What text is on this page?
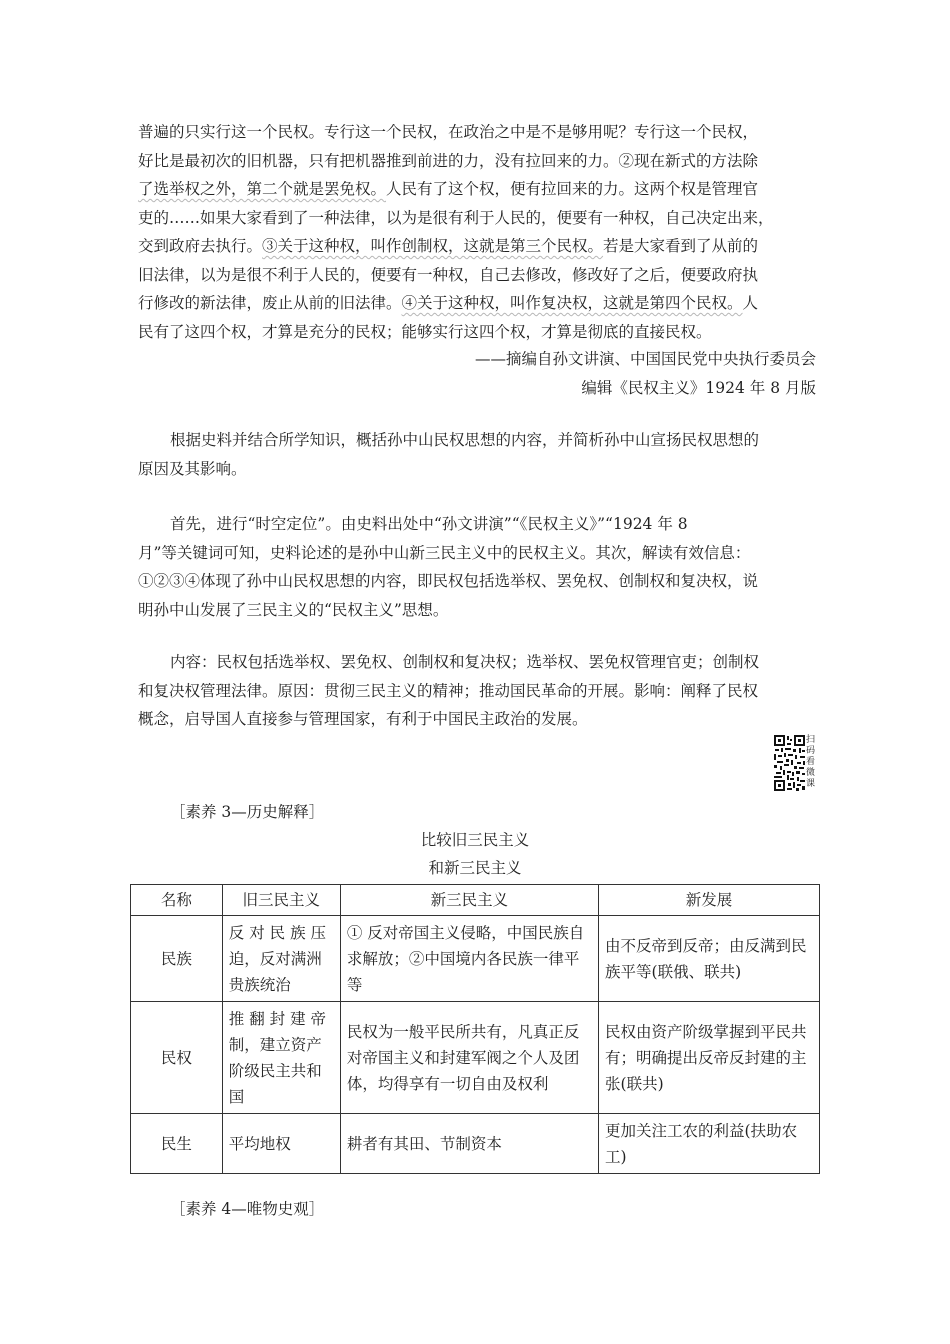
普遍的只实行这一个民权。专行这一个民权，在政治之中是不是够用呢？专行这一个民权，
好比是最初次的旧机器，只有把机器推到前进的力，没有拉回来的力。②现在新式的方法除
了选举权之外，第二个就是罢免权。人民有了这个权，便有拉回来的力。这两个权是管理官
吏的……如果大家看到了一种法律，以为是很有利于人民的，便要有一种权，自己决定出来，
交到政府去执行。③关于这种权，叫作创制权，这就是第三个民权。若是大家看到了从前的
旧法律，以为是很不利于人民的，便要有一种权，自己去修改，修改好了之后，便要政府执
行修改的新法律，废止从前的旧法律。④关于这种权，叫作复决权，这就是第四个民权。人
民有了这四个权，才算是充分的民权；能够实行这四个权，才算是彻底的直接民权。
——摘编自孙文讲演、中国国民党中央执行委员会
编辑《民权主义》1924 年 8 月版
根据史料并结合所学知识，概括孙中山民权思想的内容，并简析孙中山宣扬民权思想的
原因及其影响。
首先，进行“时空定位”。由史料出处中“孙文讲演”“《民权主义》”“1924 年 8
月”等关键词可知，史料论述的是孙中山新三民主义中的民权主义。其次，解读有效信息：
①②③④体现了孙中山民权思想的内容，即民权包括选举权、罢免权、创制权和复决权，说
明孙中山发展了三民主义的“民权主义”思想。
内容：民权包括选举权、罢免权、创制权和复决权；选举权、罢免权管理官吏；创制权
和复决权管理法律。原因：贯彻三民主义的精神；推动国民革命的开展。影响：阐释了民权
概念，启导国人直接参与管理国家，有利于中国民主政治的发展。
扫
码
看
微
课
［素养 3—历史解释］
比较旧三民主义
和新三民主义
名称	旧三民主义	新三民主义	新发展
民族	反 对 民 族 压迫，反对满洲贵族统治	① 反对帝国主义侵略，中国民族自求解放；②中国境内各民族一律平等	由不反帝到反帝；由反满到民族平等(联俄、联共)
民权	推 翻 封 建 帝制，建立资产阶级民主共和国	民权为一般平民所共有，凡真正反对帝国主义和封建军阀之个人及团体，均得享有一切自由及权利	民权由资产阶级掌握到平民共有；明确提出反帝反封建的主张(联共)
民生	平均地权	耕者有其田、节制资本	更加关注工农的利益(扶助农工)
［素养 4—唯物史观］
